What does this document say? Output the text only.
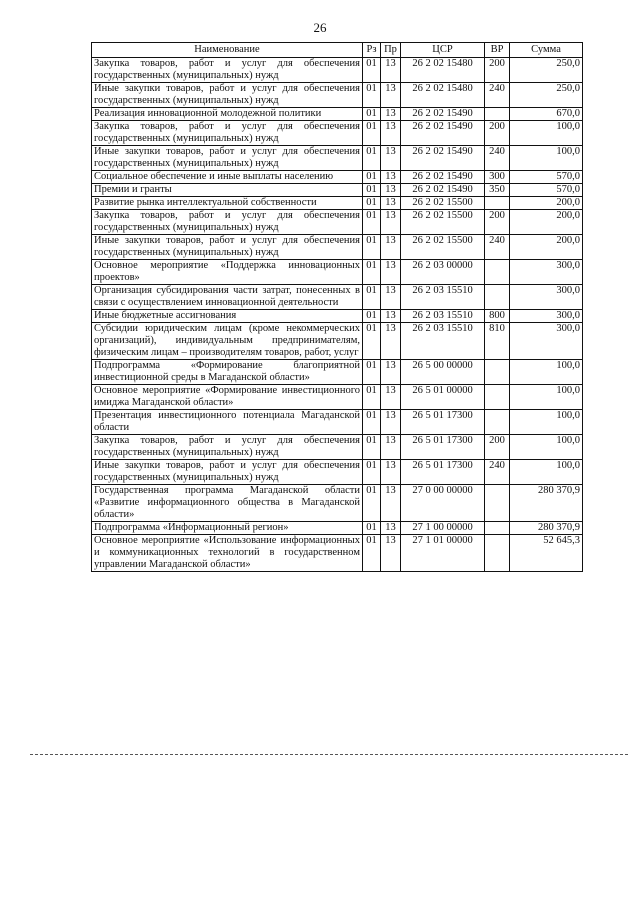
26
Наименование	Рз	Пр	ЦСР	ВР	Сумма
Закупка товаров, работ и услуг для обеспечения государственных (муниципальных) нужд	01	13	26 2 02 15480	200	250,0
Иные закупки товаров, работ и услуг для обеспечения государственных (муниципальных) нужд	01	13	26 2 02 15480	240	250,0
Реализация инновационной молодежной политики	01	13	26 2 02 15490		670,0
Закупка товаров, работ и услуг для обеспечения государственных (муниципальных) нужд	01	13	26 2 02 15490	200	100,0
Иные закупки товаров, работ и услуг для обеспечения государственных (муниципальных) нужд	01	13	26 2 02 15490	240	100,0
Социальное обеспечение и иные выплаты населению	01	13	26 2 02 15490	300	570,0
Премии и гранты	01	13	26 2 02 15490	350	570,0
Развитие рынка интеллектуальной собственности	01	13	26 2 02 15500		200,0
Закупка товаров, работ и услуг для обеспечения государственных (муниципальных) нужд	01	13	26 2 02 15500	200	200,0
Иные закупки товаров, работ и услуг для обеспечения государственных (муниципальных) нужд	01	13	26 2 02 15500	240	200,0
Основное мероприятие «Поддержка инновационных проектов»	01	13	26 2 03 00000		300,0
Организация субсидирования части затрат, понесенных в связи с осуществлением инновационной деятельности	01	13	26 2 03 15510		300,0
Иные бюджетные ассигнования	01	13	26 2 03 15510	800	300,0
Субсидии юридическим лицам (кроме некоммерческих организаций), индивидуальным предпринимателям, физическим лицам – производителям товаров, работ, услуг	01	13	26 2 03 15510	810	300,0
Подпрограмма «Формирование благоприятной инвестиционной среды в Магаданской области»	01	13	26 5 00 00000		100,0
Основное мероприятие «Формирование инвестиционного имиджа Магаданской области»	01	13	26 5 01 00000		100,0
Презентация инвестиционного потенциала Магаданской области	01	13	26 5 01 17300		100,0
Закупка товаров, работ и услуг для обеспечения государственных (муниципальных) нужд	01	13	26 5 01 17300	200	100,0
Иные закупки товаров, работ и услуг для обеспечения государственных (муниципальных) нужд	01	13	26 5 01 17300	240	100,0
Государственная программа Магаданской области «Развитие информационного общества в Магаданской области»	01	13	27 0 00 00000		280 370,9
Подпрограмма «Информационный регион»	01	13	27 1 00 00000		280 370,9
Основное мероприятие «Использование информационных и коммуникационных технологий в государственном управлении Магаданской области»	01	13	27 1 01 00000		52 645,3
